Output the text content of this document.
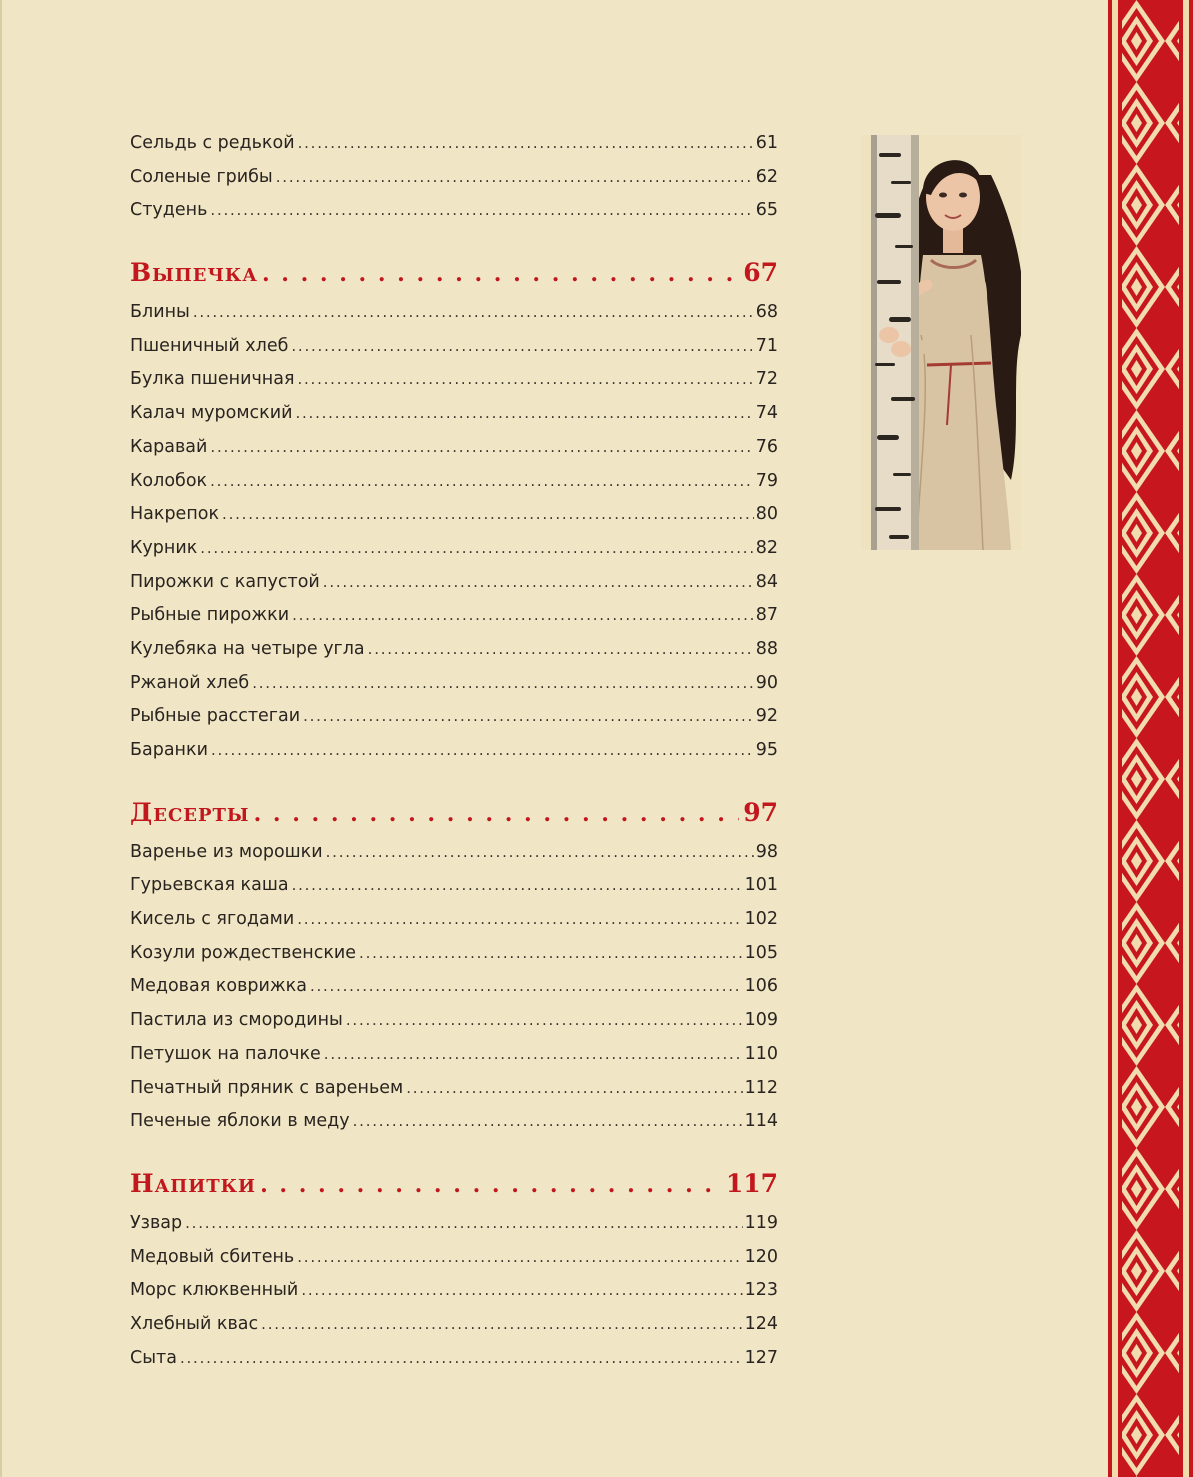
Сельдь с редькой . . .	61
Соленые грибы . . .	62
Студень . . .	65
Выпечка . . .	67
Блины . . .	68
Пшеничный хлеб . . .	71
Булка пшеничная . . .	72
Калач муромский . . .	74
Каравай . . .	76
Колобок . . .	79
Накрепок . . .	80
Курник . . .	82
Пирожки с капустой . . .	84
Рыбные пирожки . . .	87
Кулебяка на четыре угла . . .	88
Ржаной хлеб . . .	90
Рыбные расстегаи . . .	92
Баранки . . .	95
Десерты . . .	97
Варенье из морошки . . .	98
Гурьевская каша . . .	101
Кисель с ягодами . . .	102
Козули рождественские . . .	105
Медовая коврижка . . .	106
Пастила из смородины . . .	109
Петушок на палочке . . .	110
Печатный пряник с вареньем . . .	112
Печеные яблоки в меду . . .	114
Напитки . . .	117
Узвар . . .	119
Медовый сбитень . . .	120
Морс клюквенный . . .	123
Хлебный квас . . .	124
Сыта . . .	127
